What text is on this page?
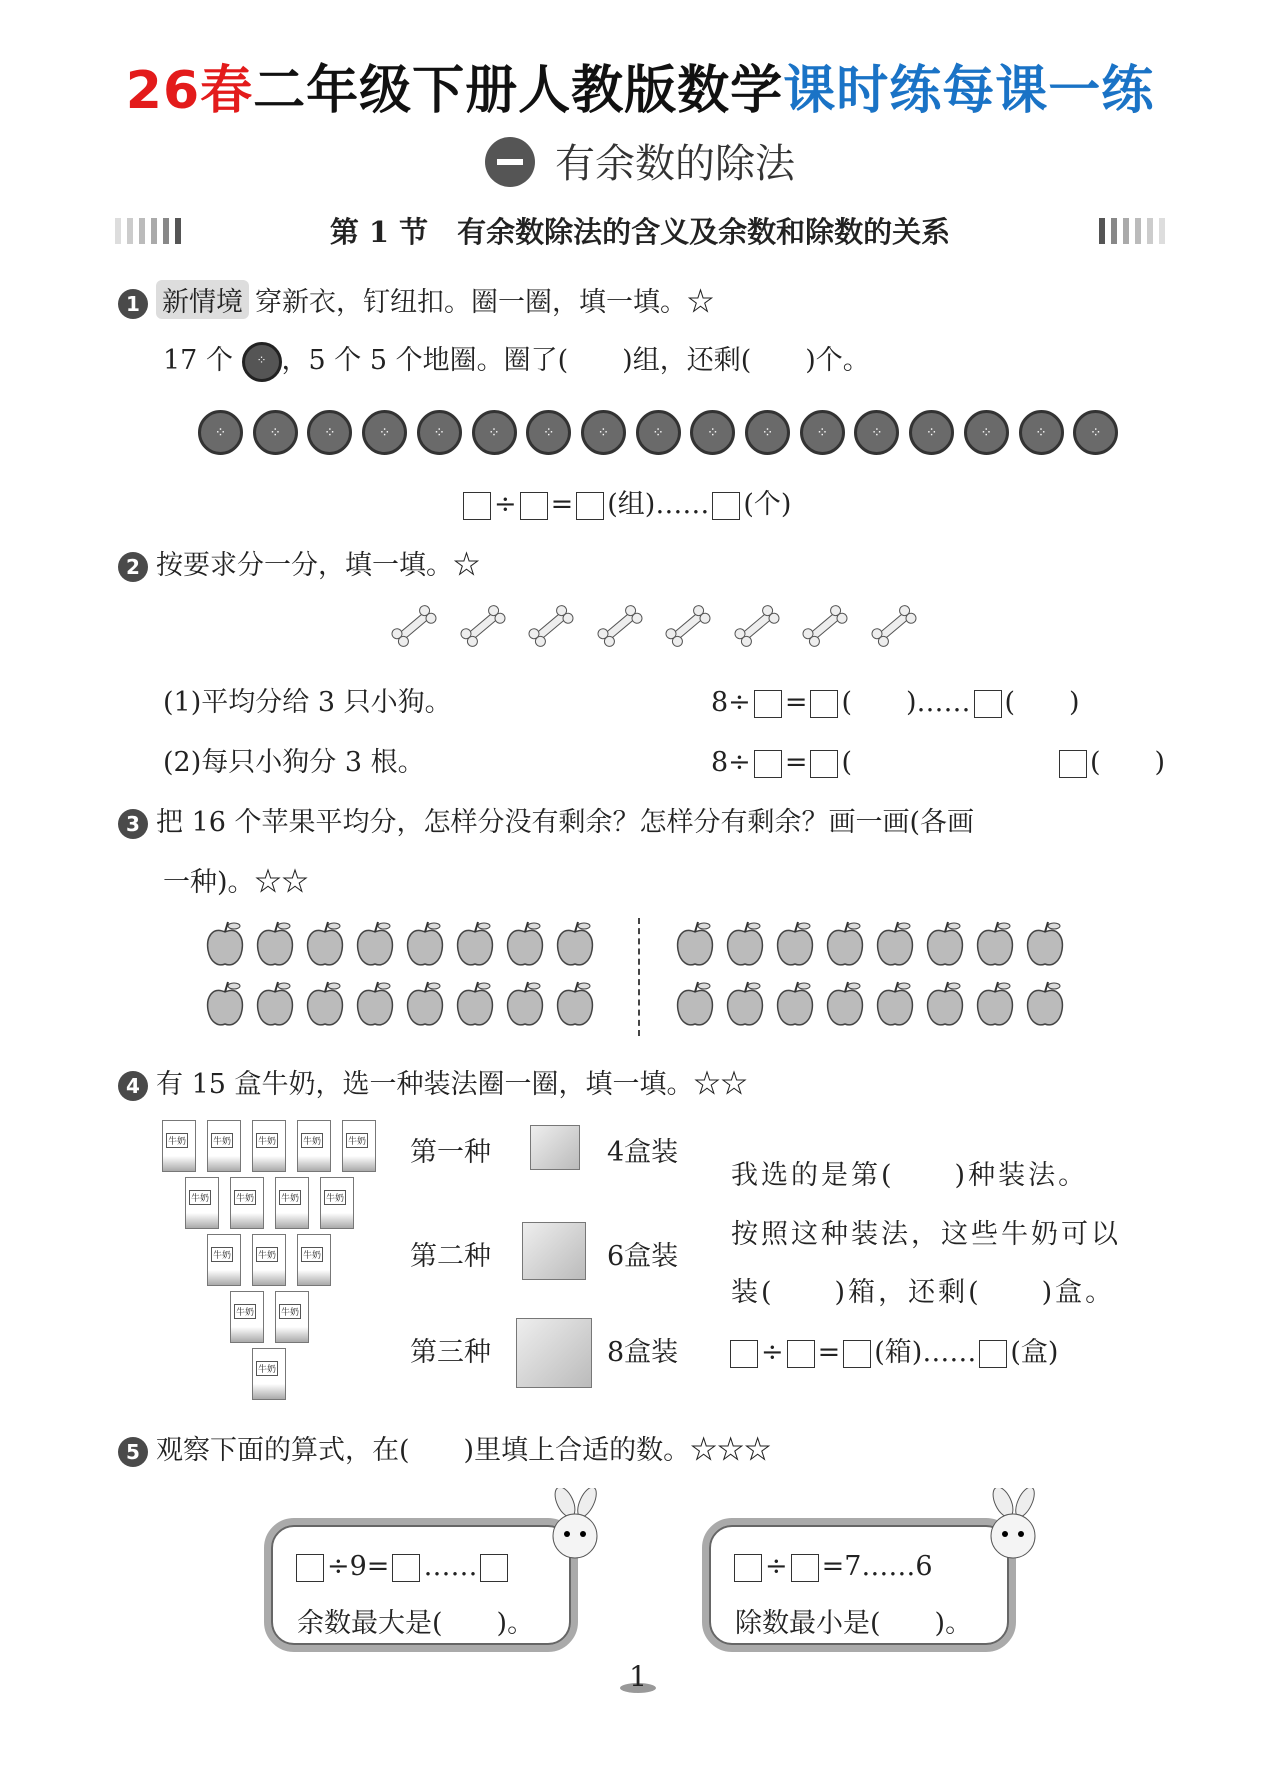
26春二年级下册人教版数学课时练每课一练
有余数的除法
第 1 节　有余数除法的含义及余数和除数的关系
1 新情境 穿新衣，钉纽扣。圈一圈，填一填。☆
17 个 ⁘ ，5 个 5 个地圈。圈了(　　)组，还剩(　　)个。
⁘
⁘
⁘
⁘
⁘
⁘
⁘
⁘
⁘
⁘
⁘
⁘
⁘
⁘
⁘
⁘
⁘
÷ = (组)…… (个)
2 按要求分一分，填一填。☆
(1)平均分给 3 只小狗。
(2)每只小狗分 3 根。
8÷ = (　　)…… (　　)
8÷ = (　　	(　　)
3 把 16 个苹果平均分，怎样分没有剩余？怎样分有剩余？画一画(各画
一种)。☆☆
4 有 15 盒牛奶，选一种装法圈一圈，填一填。☆☆
牛奶	牛奶	牛奶	牛奶	牛奶
牛奶	牛奶	牛奶	牛奶
牛奶	牛奶	牛奶
牛奶	牛奶
牛奶
第一种	4盒装
第二种	6盒装
第三种	8盒装
我选的是第(　　)种装法。
按照这种装法，这些牛奶可以
装(　　)箱，还剩(　　)盒。
÷ = (箱)…… (盒)
5 观察下面的算式，在(　　)里填上合适的数。☆☆☆
÷9= ……
余数最大是(　　)。
÷ =7……6
除数最小是(　　)。
1
